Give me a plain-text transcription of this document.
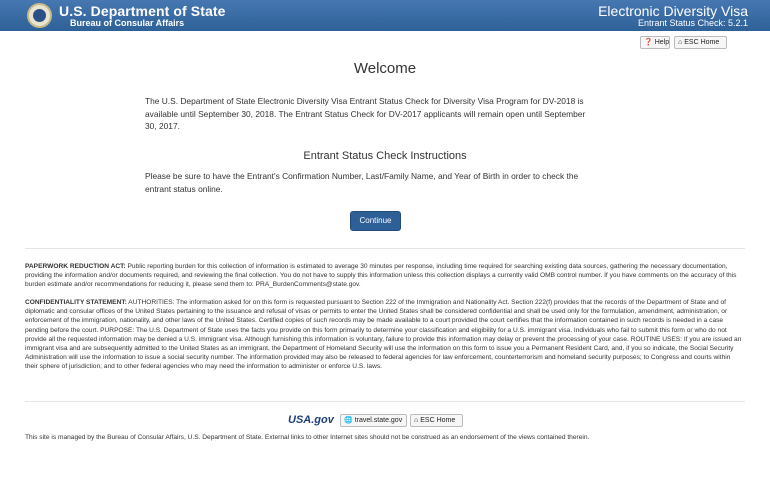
U.S. Department of State
Bureau of Consular Affairs
Electronic Diversity Visa
Entrant Status Check: 5.2.1
❓ Help ⌂ ESC Home
Welcome
The U.S. Department of State Electronic Diversity Visa Entrant Status Check for Diversity Visa Program for DV-2018 is available until September 30, 2018. The Entrant Status Check for DV-2017 applicants will remain open until September 30, 2017.
Entrant Status Check Instructions
Please be sure to have the Entrant's Confirmation Number, Last/Family Name, and Year of Birth in order to check the entrant status online.
Continue
PAPERWORK REDUCTION ACT: Public reporting burden for this collection of information is estimated to average 30 minutes per response, including time required for searching existing data sources, gathering the necessary documentation, providing the information and/or documents required, and reviewing the final collection. You do not have to supply this information unless this collection displays a currently valid OMB control number. If you have comments on the accuracy of this burden estimate and/or recommendations for reducing it, please send them to: PRA_BurdenComments@state.gov.
CONFIDENTIALITY STATEMENT: AUTHORITIES: The information asked for on this form is requested pursuant to Section 222 of the Immigration and Nationality Act. Section 222(f) provides that the records of the Department of State and of diplomatic and consular offices of the United States pertaining to the issuance and refusal of visas or permits to enter the United States shall be considered confidential and shall be used only for the formulation, amendment, administration, or enforcement of the immigration, nationality, and other laws of the United States. Certified copies of such records may be made available to a court provided the court certifies that the information contained in such records is needed in a case pending before the court. PURPOSE: The U.S. Department of State uses the facts you provide on this form primarily to determine your classification and eligibility for a U.S. immigrant visa. Individuals who fail to submit this form or who do not provide all the requested information may be denied a U.S. immigrant visa. Although furnishing this information is voluntary, failure to provide this information may delay or prevent the processing of your case. ROUTINE USES: If you are issued an immigrant visa and are subsequently admitted to the United States as an immigrant, the Department of Homeland Security will use the information on this form to issue you a Permanent Resident Card, and, if you so indicate, the Social Security Administration will use the information to issue a social security number. The information provided may also be released to federal agencies for law enforcement, counterterrorism and homeland security purposes; to Congress and courts within their sphere of jurisdiction; and to other federal agencies who may need the information to administer or enforce U.S. laws.
USA.gov 🌐 travel.state.gov ⌂ ESC Home
This site is managed by the Bureau of Consular Affairs, U.S. Department of State. External links to other Internet sites should not be construed as an endorsement of the views contained therein.
